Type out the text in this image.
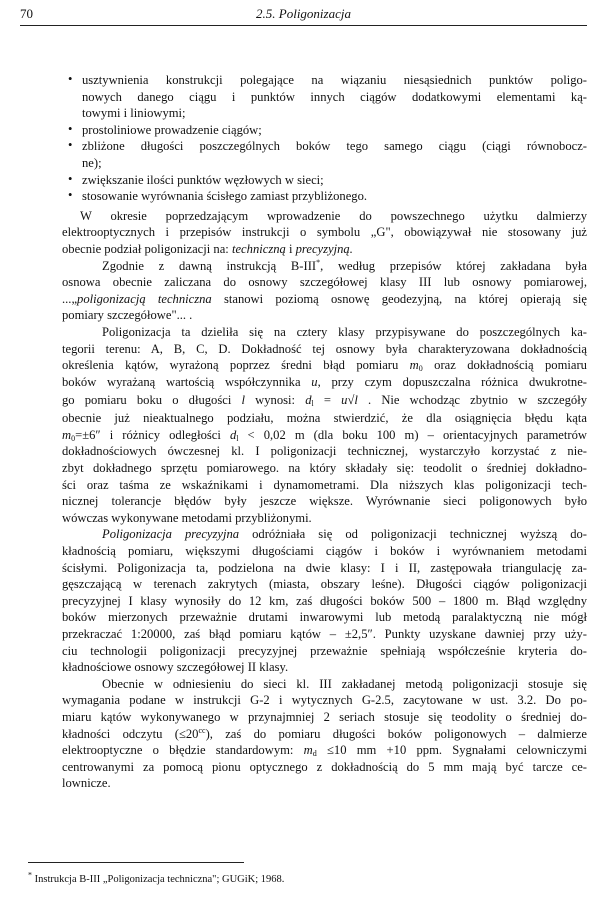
70	2.5. Poligonizacja
• usztywnienia konstrukcji polegające na wiązaniu niesąsiednich punktów poligo-
nowych danego ciągu i punktów innych ciągów dodatkowymi elementami ką-
towymi i liniowymi;
• prostoliniowe prowadzenie ciągów;
• zbliżone długości poszczególnych boków tego samego ciągu (ciągi równobocz-
ne);
• zwiększanie ilości punktów węzłowych w sieci;
• stosowanie wyrównania ścisłego zamiast przybliżonego.
W okresie poprzedzającym wprowadzenie do powszechnego użytku dalmierzy
elektrooptycznych i przepisów instrukcji o symbolu „G", obowiązywał nie stosowany już
obecnie podział poligonizacji na: techniczną i precyzyjną.
Zgodnie z dawną instrukcją B-III*, według przepisów której zakładana była
osnowa obecnie zaliczana do osnowy szczegółowej klasy III lub osnowy pomiarowej,
...„poligonizacją techniczna stanowi poziomą osnowę geodezyjną, na której opierają się
pomiary szczegółowe"... .
Poligonizacja ta dzieliła się na cztery klasy przypisywane do poszczególnych ka-
tegorii terenu: A, B, C, D. Dokładność tej osnowy była charakteryzowana dokładnością
określenia kątów, wyrażoną poprzez średni błąd pomiaru $m_0$ oraz dokładnością pomiaru
boków wyrażaną wartością współczynnika u, przy czym dopuszczalna różnica dwukrotne-
go pomiaru boku o długości l wynosi: $d_l = u√l$ . Nie wchodząc zbytnio w szczegóły
obecnie już nieaktualnego podziału, można stwierdzić, że dla osiągnięcia błędu kąta
$m_0=\pm 6''$ i różnicy odległości $d_l < 0,02$ m (dla boku 100 m) – orientacyjnych parametrów
dokładnościowych ówczesnej kl. I poligonizacji technicznej, wystarczyło korzystać z nie-
zbyt dokładnego sprzętu pomiarowego. na który składały się: teodolit o średniej dokładno-
ści oraz taśma ze wskaźnikami i dynamometrami. Dla niższych klas poligonizacji tech-
nicznej tolerancje błędów były jeszcze większe. Wyrównanie sieci poligonowych było
wówczas wykonywane metodami przybliżonymi.
Poligonizacja precyzyjna odróżniała się od poligonizacji technicznej wyższą do-
kładnością pomiaru, większymi długościami ciągów i boków i wyrównaniem metodami
ścisłymi. Poligonizacja ta, podzielona na dwie klasy: I i II, zastępowała triangulację za-
gęszczającą w terenach zakrytych (miasta, obszary leśne). Długości ciągów poligonizacji
precyzyjnej I klasy wynosiły do 12 km, zaś długości boków 500 – 1800 m. Błąd względny
boków mierzonych przeważnie drutami inwarowymi lub metodą paralaktyczną nie mógł
przekraczać 1:20000, zaś błąd pomiaru kątów – ±2,5″. Punkty uzyskane dawniej przy uży-
ciu technologii poligonizacji precyzyjnej przeważnie spełniają współcześnie kryteria do-
kładnościowe osnowy szczegółowej II klasy.
Obecnie w odniesieniu do sieci kl. III zakładanej metodą poligonizacji stosuje się
wymagania podane w instrukcji G-2 i wytycznych G-2.5, zacytowane w ust. 3.2. Do po-
miaru kątów wykonywanego w przynajmniej 2 seriach stosuje się teodolity o średniej do-
kładności odczytu $(\le 20^{cc})$, zaś do pomiaru długości boków poligonowych – dalmierze
elektrooptyczne o błędzie standardowym: $m_d \le 10$ mm +10 ppm. Sygnałami celowniczymi
centrowanymi za pomocą pionu optycznego z dokładnością do 5 mm mają być tarcze ce-
lownicze.
* Instrukcja B-III „Poligonizacja techniczna"; GUGiK; 1968.
